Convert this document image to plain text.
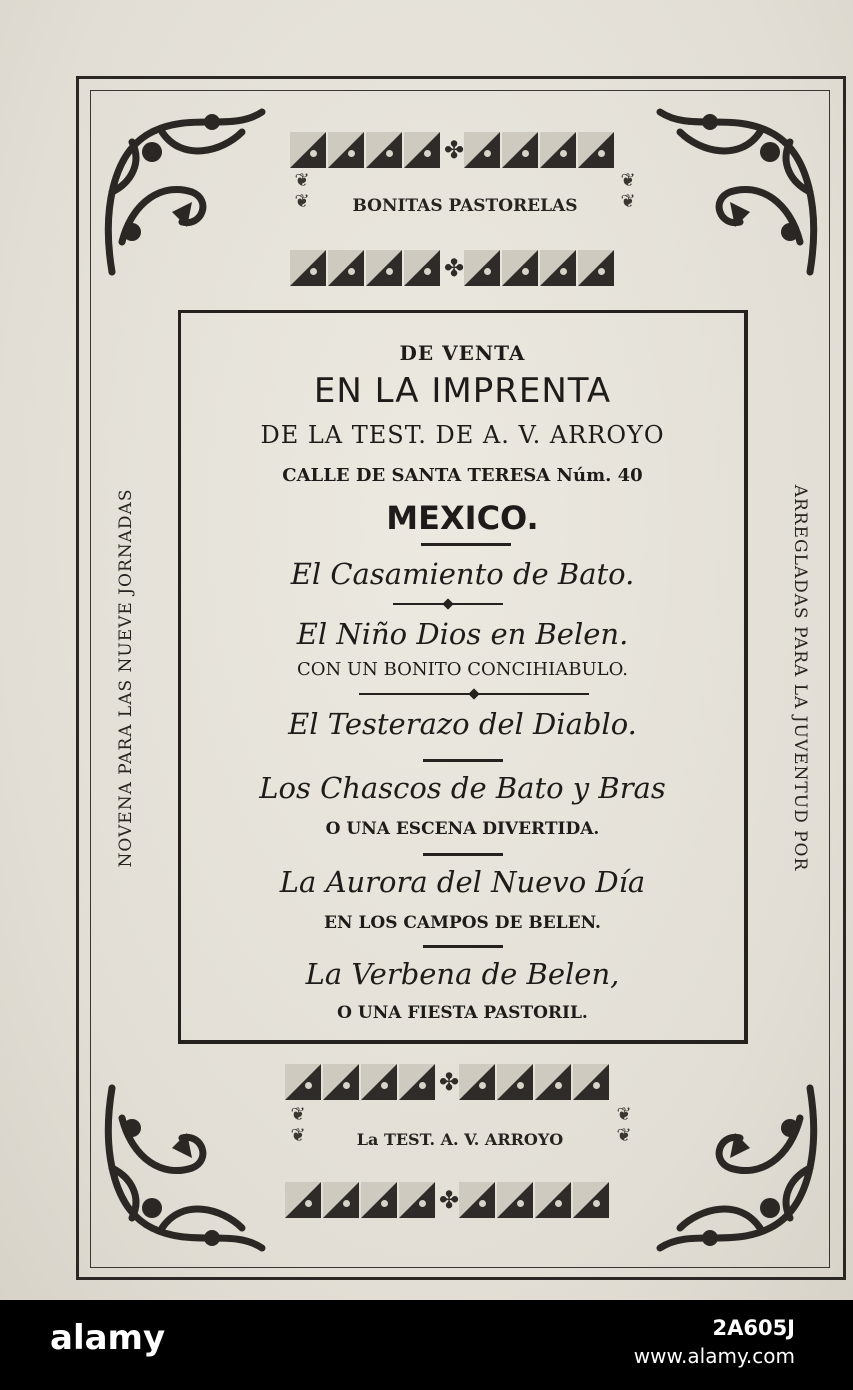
✤
❦
❦
❦
❦
BONITAS PASTORELAS
✤
NOVENA PARA LAS NUEVE JORNADAS	ARREGLADAS PARA LA JUVENTUD POR
DE VENTA
EN LA IMPRENTA
DE LA TEST. DE A. V. ARROYO
CALLE DE SANTA TERESA Núm. 40
MEXICO.
El Casamiento de Bato.
El Niño Dios en Belen.
CON UN BONITO CONCIHIABULO.
El Testerazo del Diablo.
Los Chascos de Bato y Bras
O UNA ESCENA DIVERTIDA.
La Aurora del Nuevo Día
EN LOS CAMPOS DE BELEN.
La Verbena de Belen,
O UNA FIESTA PASTORIL.
✤
❦
❦
❦
❦
La TEST. A. V. ARROYO
✤
alamy	2A605J
www.alamy.com
